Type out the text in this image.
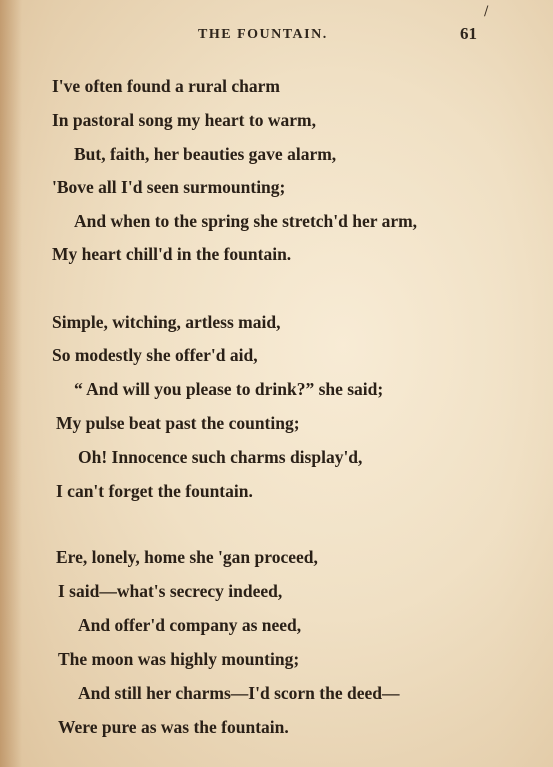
/
THE FOUNTAIN.	61
I've often found a rural charm
In pastoral song my heart to warm,
But, faith, her beauties gave alarm,
'Bove all I'd seen surmounting;
And when to the spring she stretch'd her arm,
My heart chill'd in the fountain.
Simple, witching, artless maid,
So modestly she offer'd aid,
“ And will you please to drink?” she said;
My pulse beat past the counting;
Oh! Innocence such charms display'd,
I can't forget the fountain.
Ere, lonely, home she 'gan proceed,
I said—what's secrecy indeed,
And offer'd company as need,
The moon was highly mounting;
And still her charms—I'd scorn the deed—
Were pure as was the fountain.
